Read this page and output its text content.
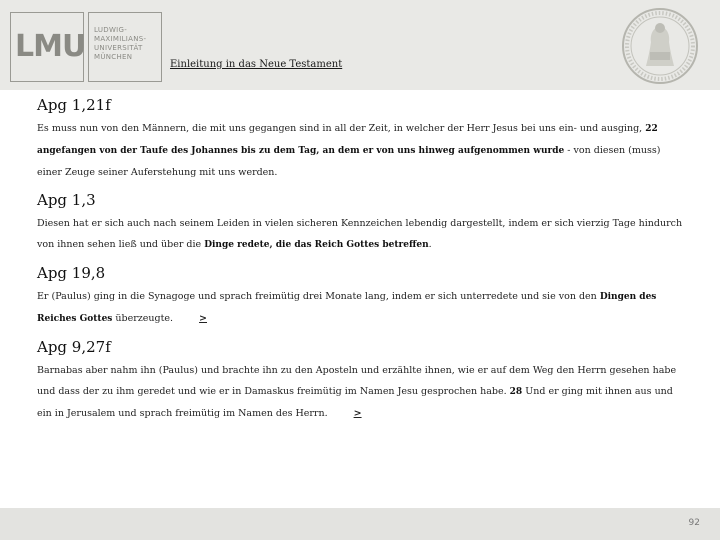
LMU LUDWIG-
MAXIMILIANS-
UNIVERSITÄT
MÜNCHEN
Einleitung in das Neue Testament
Apg 1,21f

Es muss nun von den Männern, die mit uns gegangen sind in all der Zeit, in welcher der Herr Jesus bei uns ein- und ausging, 22 angefangen von der Taufe des Johannes bis zu dem Tag, an dem er von uns hinweg aufgenommen wurde - von diesen (muss) einer Zeuge seiner Auferstehung mit uns werden.

Apg 1,3

Diesen hat er sich auch nach seinem Leiden in vielen sicheren Kennzeichen lebendig dargestellt, indem er sich vierzig Tage hindurch von ihnen sehen ließ und über die Dinge redete, die das Reich Gottes betreffen.

Apg 19,8

Er (Paulus) ging in die Synagoge und sprach freimütig drei Monate lang, indem er sich unterredete und sie von den Dingen des Reiches Gottes überzeugte.	>

Apg 9,27f

Barnabas aber nahm ihn (Paulus) und brachte ihn zu den Aposteln und erzählte ihnen, wie er auf dem Weg den Herrn gesehen habe und dass der zu ihm geredet und wie er in Damaskus freimütig im Namen Jesu gesprochen habe. 28 Und er ging mit ihnen aus und ein in Jerusalem und sprach freimütig im Namen des Herrn.	>

92
